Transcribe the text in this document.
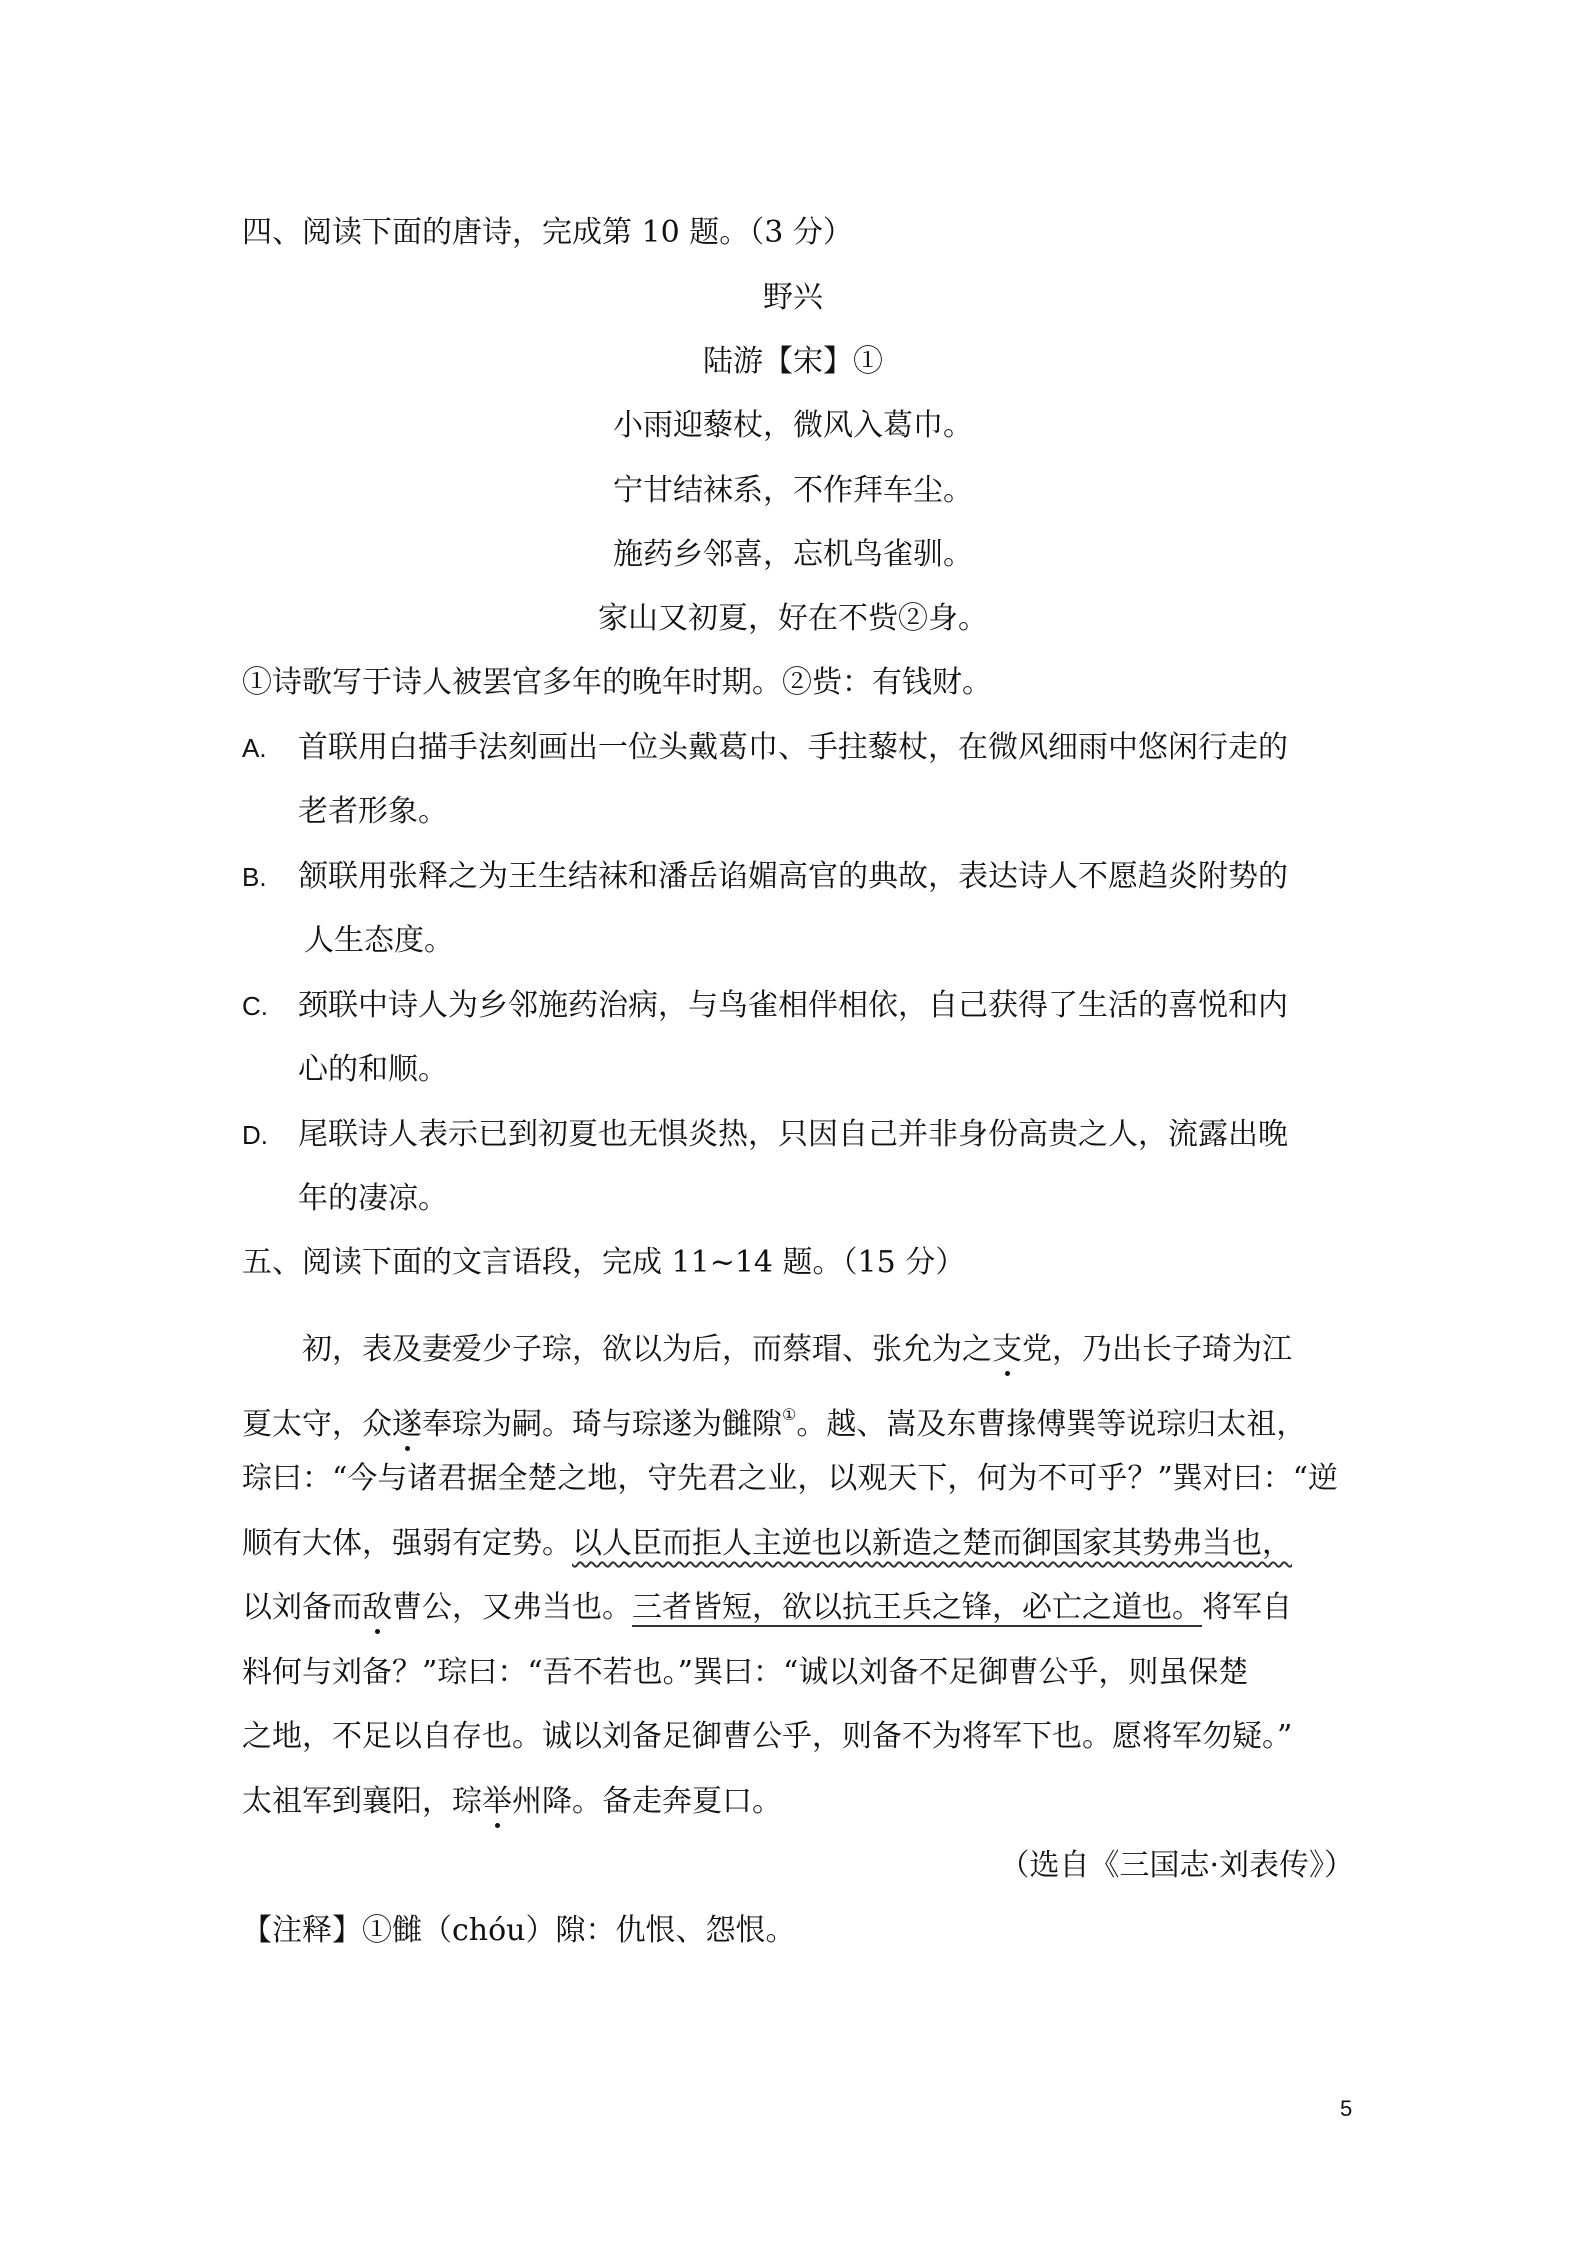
四、阅读下面的唐诗，完成第 10 题。（3 分）
野兴
陆游【宋】①
小雨迎藜杖，微风入葛巾。
宁甘结袜系，不作拜车尘。
施药乡邻喜，忘机鸟雀驯。
家山又初夏，好在不赀②身。
①诗歌写于诗人被罢官多年的晚年时期。②赀：有钱财。
A. 首联用白描手法刻画出一位头戴葛巾、手拄藜杖，在微风细雨中悠闲行走的
老者形象。
B. 颔联用张释之为王生结袜和潘岳谄媚高官的典故，表达诗人不愿趋炎附势的
人生态度。
C. 颈联中诗人为乡邻施药治病，与鸟雀相伴相依，自己获得了生活的喜悦和内
心的和顺。
D. 尾联诗人表示已到初夏也无惧炎热，只因自己并非身份高贵之人，流露出晚
年的凄凉。
五、阅读下面的文言语段，完成 11~14 题。（15 分）
初，表及妻爱少子琮，欲以为后，而蔡瑁、张允为之支党，乃出长子琦为江
夏太守，众遂奉琮为嗣。琦与琮遂为雠隙①。越、嵩及东曹掾傅巽等说琮归太祖，
琮曰：“今与诸君据全楚之地，守先君之业，以观天下，何为不可乎？”巽对曰：“逆
顺有大体，强弱有定势。以人臣而拒人主逆也以新造之楚而御国家其势弗当也，
以刘备而敌曹公，又弗当也。三者皆短，欲以抗王兵之锋，必亡之道也。将军自
料何与刘备？”琮曰：“吾不若也。”巽曰：“诚以刘备不足御曹公乎，则虽保楚
之地，不足以自存也。诚以刘备足御曹公乎，则备不为将军下也。愿将军勿疑。”
太祖军到襄阳，琮举州降。备走奔夏口。
（选自《三国志·刘表传》）
【注释】①雠（chóu）隙：仇恨、怨恨。
5
